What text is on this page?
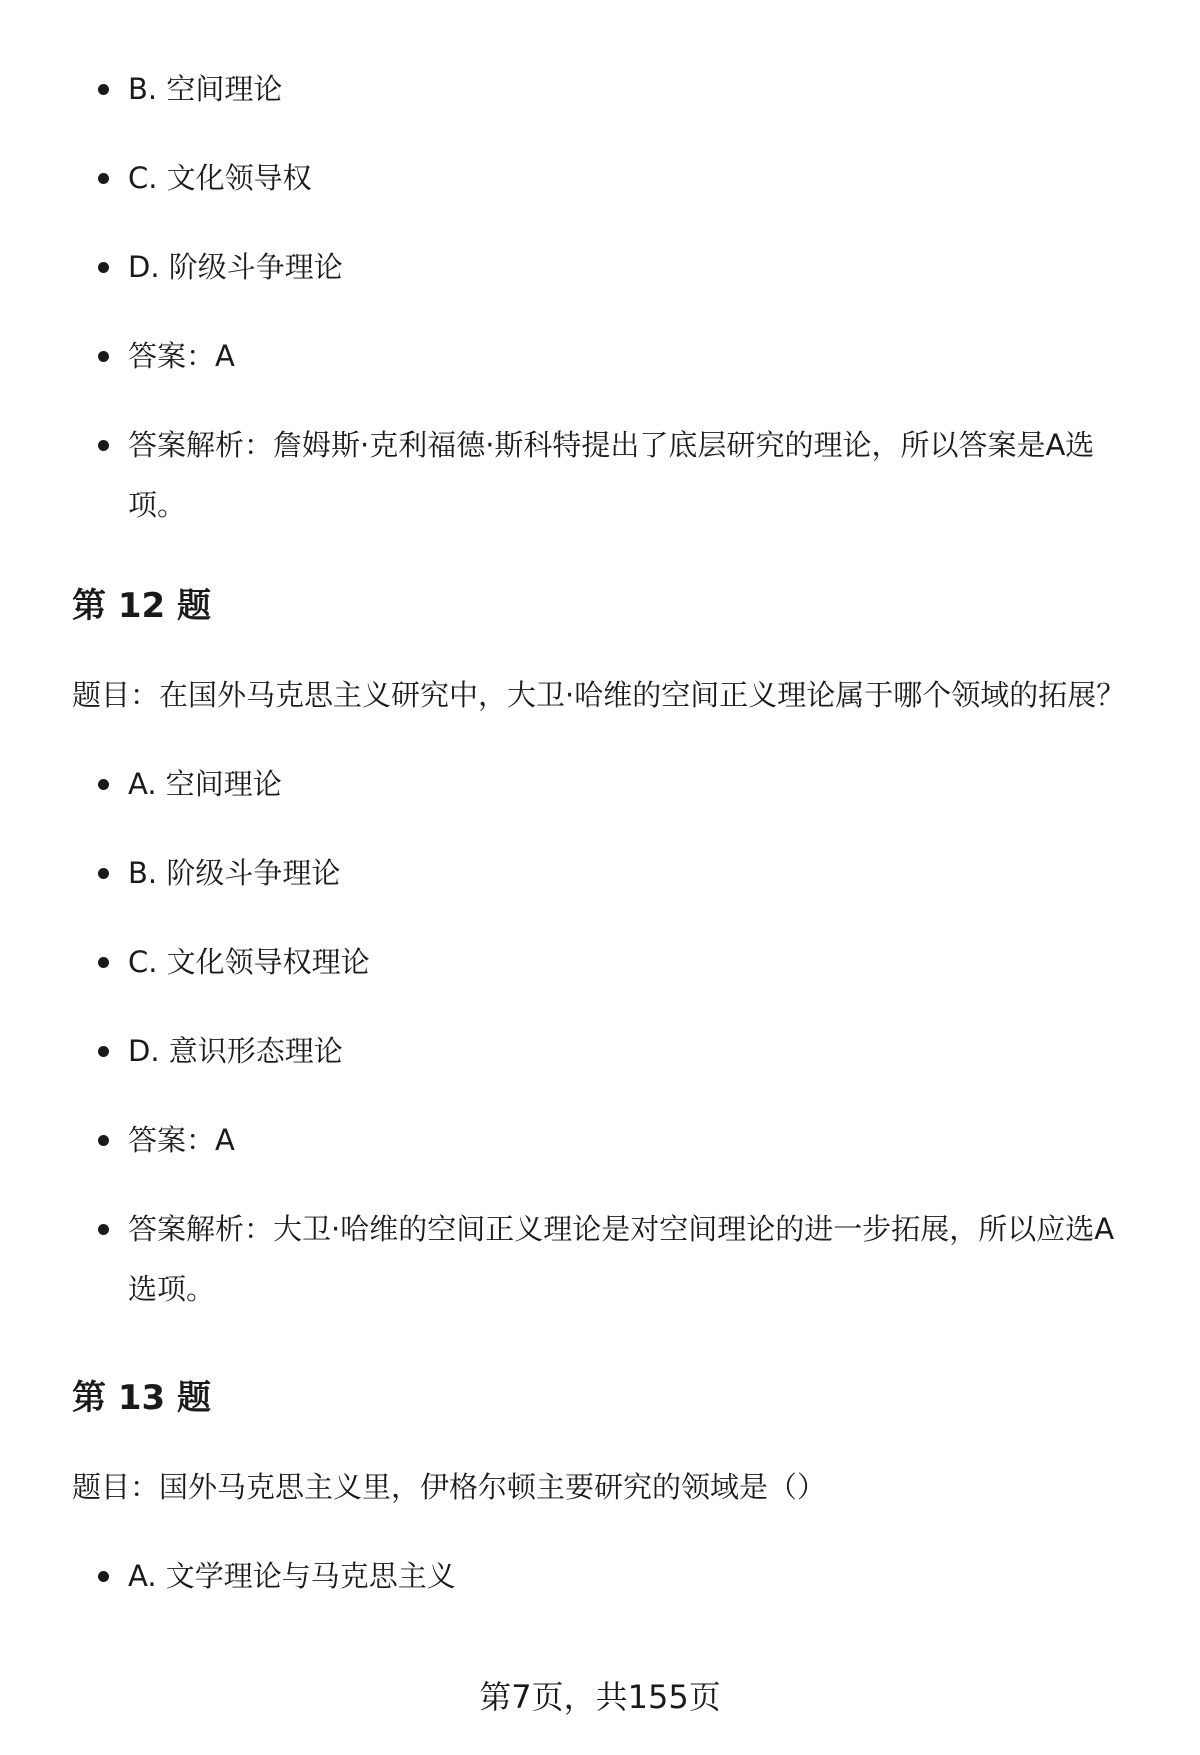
B. 空间理论
C. 文化领导权
D. 阶级斗争理论
答案：A
答案解析：詹姆斯·克利福德·斯科特提出了底层研究的理论，所以答案是A选项。
第 12 题

题目：在国外马克思主义研究中，大卫·哈维的空间正义理论属于哪个领域的拓展？

A. 空间理论
B. 阶级斗争理论
C. 文化领导权理论
D. 意识形态理论
答案：A
答案解析：大卫·哈维的空间正义理论是对空间理论的进一步拓展，所以应选A选项。
第 13 题

题目：国外马克思主义里，伊格尔顿主要研究的领域是（）

A. 文学理论与马克思主义
第7页，共155页
